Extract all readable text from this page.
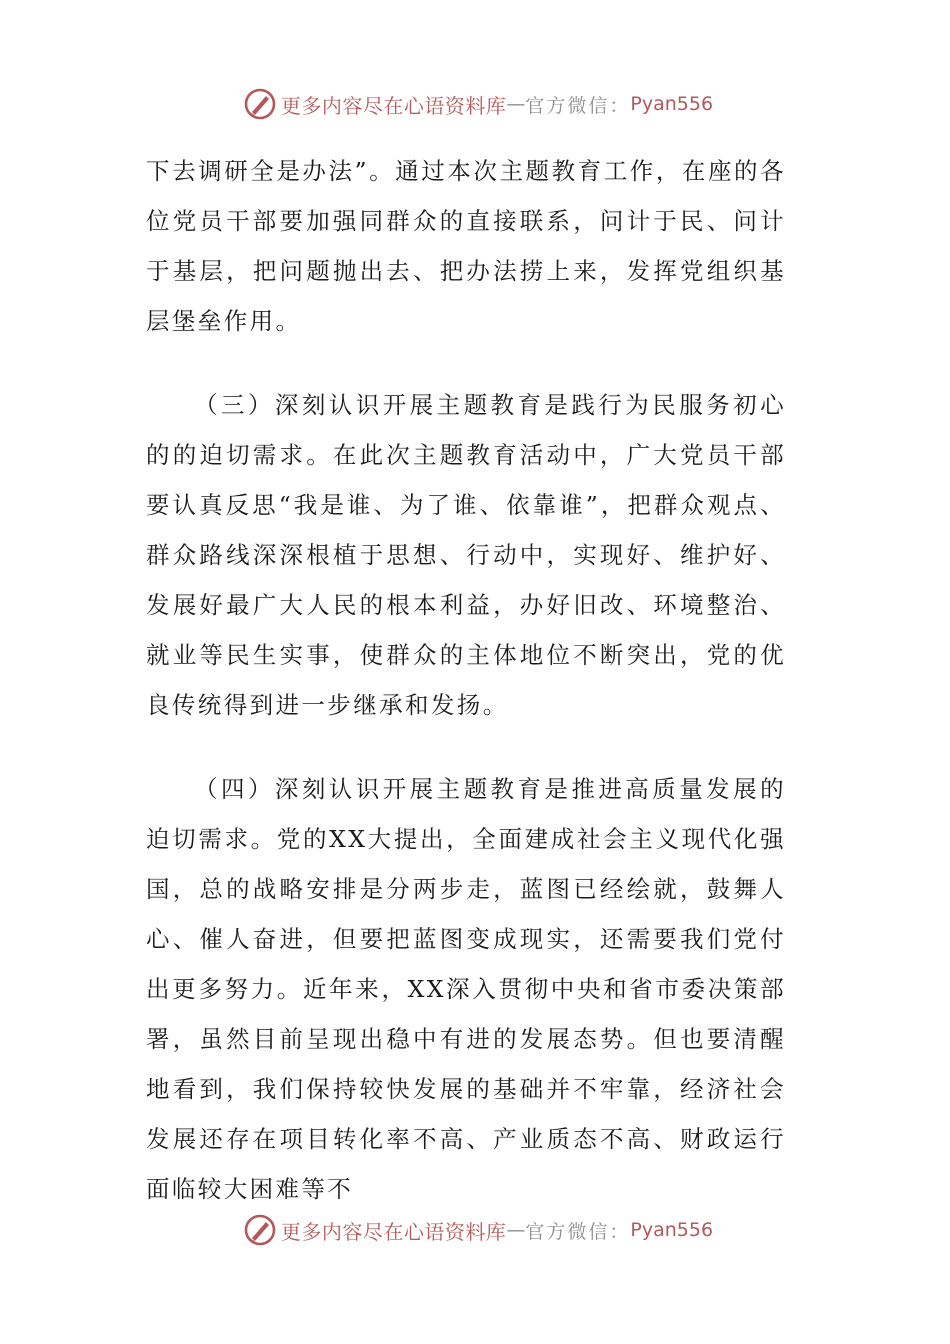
更多内容尽在心语资料库 — 官方微信： Pyan556

下去调研全是办法”。通过本次主题教育工作，在座的各位党员干部要加强同群众的直接联系，问计于民、问计于基层，把问题抛出去、把办法捞上来，发挥党组织基层堡垒作用。

（三）深刻认识开展主题教育是践行为民服务初心的的迫切需求。在此次主题教育活动中，广大党员干部要认真反思“我是谁、为了谁、依靠谁”，把群众观点、群众路线深深根植于思想、行动中，实现好、维护好、发展好最广大人民的根本利益，办好旧改、环境整治、就业等民生实事，使群众的主体地位不断突出，党的优良传统得到进一步继承和发扬。

（四）深刻认识开展主题教育是推进高质量发展的迫切需求。党的XX大提出，全面建成社会主义现代化强国，总的战略安排是分两步走，蓝图已经绘就，鼓舞人心、催人奋进，但要把蓝图变成现实，还需要我们党付出更多努力。近年来，XX深入贯彻中央和省市委决策部署，虽然目前呈现出稳中有进的发展态势。但也要清醒地看到，我们保持较快发展的基础并不牢靠，经济社会发展还存在项目转化率不高、产业质态不高、财政运行面临较大困难等不

更多内容尽在心语资料库 — 官方微信： Pyan556
